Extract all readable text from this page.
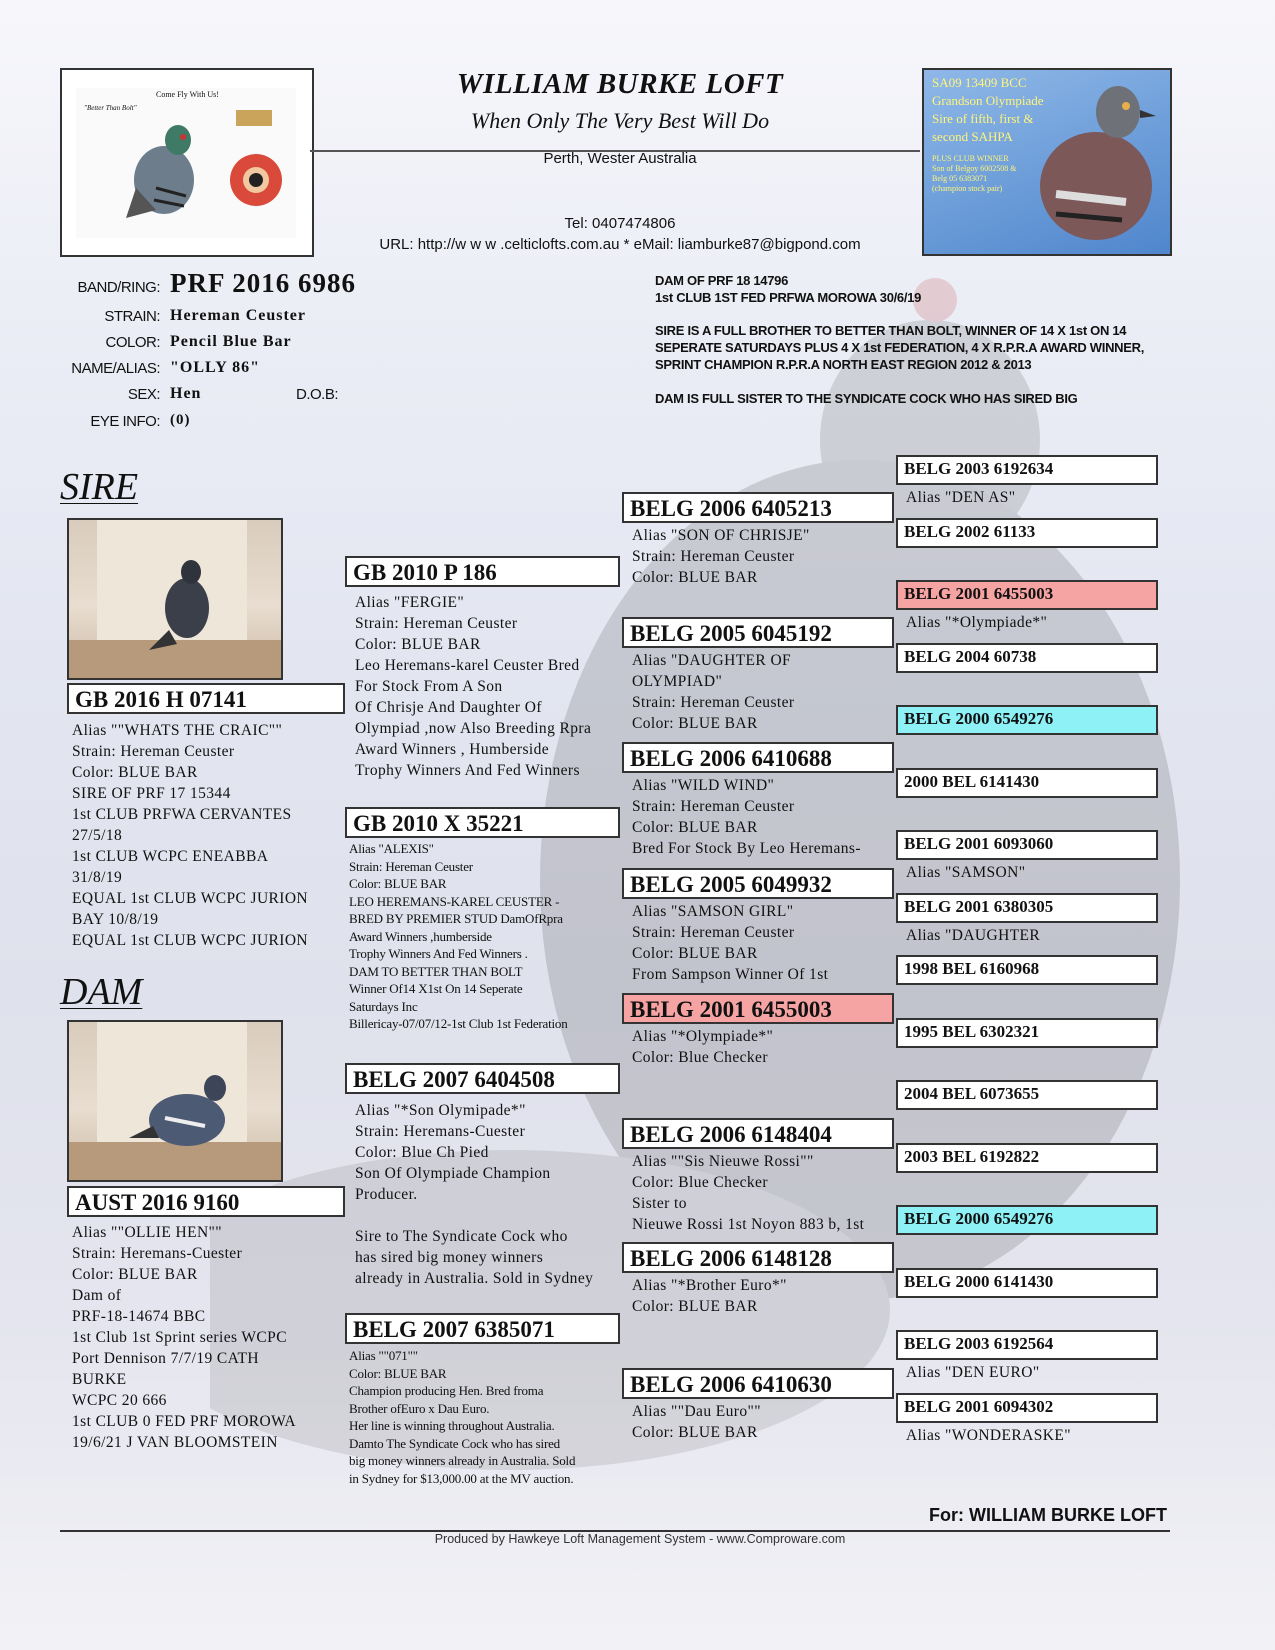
Come Fly With Us!
"Better Than Bolt"
WILLIAM BURKE LOFT
When Only The Very Best Will Do
Perth, Wester Australia
Tel: 0407474806
URL: http://w w w .celticlofts.com.au * eMail: liamburke87@bigpond.com
SA09 13409 BCC Grandson Olympiade Sire of fifth, first & second SAHPA
PLUS CLUB WINNER Son of Belgoy 6002508 & Belg 05 6383071 (champion stock pair)
BAND/RING: PRF 2016 6986
STRAIN: Hereman Ceuster
COLOR: Pencil Blue Bar
NAME/ALIAS: "OLLY 86"
SEX: Hen	D.O.B:
EYE INFO: (0)

DAM OF PRF 18 14796
1st CLUB 1ST FED PRFWA MOROWA 30/6/19

SIRE IS A FULL BROTHER TO BETTER THAN BOLT, WINNER OF 14 X 1st ON 14 SEPERATE SATURDAYS PLUS 4 X 1st FEDERATION, 4 X R.P.R.A AWARD WINNER, SPRINT CHAMPION R.P.R.A NORTH EAST REGION 2012 & 2013

DAM IS FULL SISTER TO THE SYNDICATE COCK WHO HAS SIRED BIG

SIRE
GB 2016 H 07141
Alias ""WHATS THE CRAIC""
Strain: Hereman Ceuster
Color: BLUE BAR
SIRE OF PRF 17 15344
1st CLUB PRFWA CERVANTES
27/5/18
1st CLUB WCPC ENEABBA
31/8/19
EQUAL 1st CLUB WCPC JURION
BAY 10/8/19
EQUAL 1st CLUB WCPC JURION
DAM
AUST 2016 9160
Alias ""OLLIE HEN""
Strain: Heremans-Cuester
Color: BLUE BAR
Dam of
PRF-18-14674 BBC
1st Club 1st Sprint series WCPC
Port Dennison 7/7/19 CATH
BURKE
WCPC 20 666
1st CLUB 0 FED PRF MOROWA
19/6/21 J VAN BLOOMSTEIN
GB 2010 P 186
Alias "FERGIE"
Strain: Hereman Ceuster
Color: BLUE BAR
Leo Heremans-karel Ceuster Bred
For Stock From A Son
Of Chrisje And Daughter Of
Olympiad ,now Also Breeding Rpra
Award Winners , Humberside
Trophy Winners And Fed Winners
GB 2010 X 35221
Alias "ALEXIS"
Strain: Hereman Ceuster
Color: BLUE BAR
LEO HEREMANS-KAREL CEUSTER -
BRED BY PREMIER STUD DamOfRpra
Award Winners ,humberside
Trophy Winners And Fed Winners .
DAM TO BETTER THAN BOLT
Winner Of14 X1st On 14 Seperate
Saturdays Inc
Billericay-07/07/12-1st Club 1st Federation
BELG 2007 6404508
Alias "*Son Olymipade*"
Strain: Heremans-Cuester
Color: Blue Ch Pied
Son Of Olympiade Champion
Producer.
Sire to The Syndicate Cock who
has sired big money winners
already in Australia. Sold in Sydney
BELG 2007 6385071
Alias ""071""
Color: BLUE BAR
Champion producing Hen. Bred froma
Brother ofEuro x Dau Euro.
Her line is winning throughout Australia.
Damto The Syndicate Cock who has sired
big money winners already in Australia. Sold
in Sydney for $13,000.00 at the MV auction.
BELG 2006 6405213
Alias "SON OF CHRISJE"
Strain: Hereman Ceuster
Color: BLUE BAR
BELG 2005 6045192
Alias "DAUGHTER OF
OLYMPIAD"
Strain: Hereman Ceuster
Color: BLUE BAR
BELG 2006 6410688
Alias "WILD WIND"
Strain: Hereman Ceuster
Color: BLUE BAR
Bred For Stock By Leo Heremans-
BELG 2005 6049932
Alias "SAMSON GIRL"
Strain: Hereman Ceuster
Color: BLUE BAR
From Sampson Winner Of 1st
BELG 2001 6455003
Alias "*Olympiade*"
Color: Blue Checker
BELG 2006 6148404
Alias ""Sis Nieuwe Rossi""
Color: Blue Checker
Sister to
Nieuwe Rossi 1st Noyon 883 b, 1st
BELG 2006 6148128
Alias "*Brother Euro*"
Color: BLUE BAR
BELG 2006 6410630
Alias ""Dau Euro""
Color: BLUE BAR
BELG 2003 6192634
Alias "DEN AS"
BELG 2002 61133
BELG 2001 6455003
Alias "*Olympiade*"
BELG 2004 60738
BELG 2000 6549276
2000 BEL 6141430
BELG 2001 6093060
Alias "SAMSON"
BELG 2001 6380305
Alias "DAUGHTER
1998 BEL 6160968
1995 BEL 6302321
2004 BEL 6073655
2003 BEL 6192822
BELG 2000 6549276
BELG 2000 6141430
BELG 2003 6192564
Alias "DEN EURO"
BELG 2001 6094302
Alias "WONDERASKE"
For: WILLIAM BURKE LOFT
Produced by Hawkeye Loft Management System - www.Comproware.com
